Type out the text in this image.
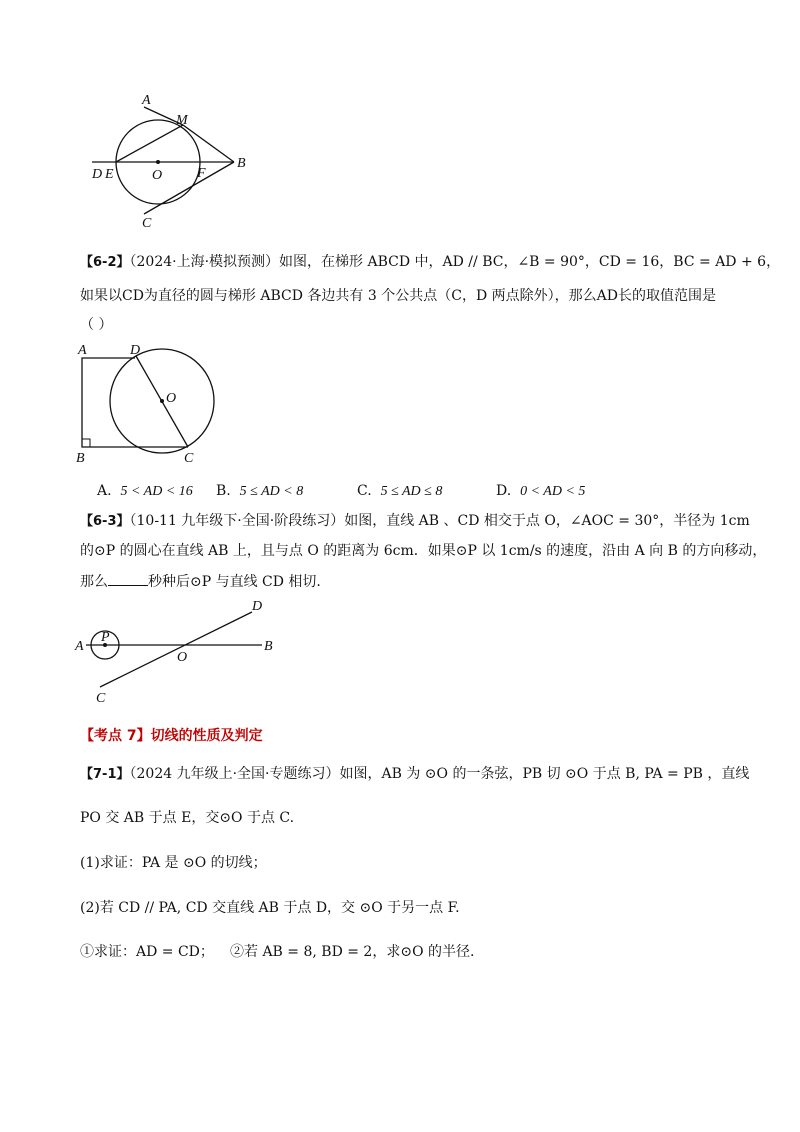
A
M
D E	O F
B
C
【6-2】（2024·上海·模拟预测）如图，在梯形 ABCD 中，AD // BC，∠B = 90°，CD = 16，BC = AD + 6，
如果以CD为直径的圆与梯形 ABCD 各边共有 3 个公共点（C，D 两点除外），那么AD长的取值范围是
（ ）
A	D
O
B	C
A. 5 < AD < 16 B. 5 ≤ AD < 8	C. 5 ≤ AD ≤ 8	D. 0 < AD < 5
【6-3】（10-11 九年级下·全国·阶段练习）如图，直线 AB 、CD 相交于点 O，∠AOC = 30°，半径为 1cm
的⊙P 的圆心在直线 AB 上，且与点 O 的距离为 6cm．如果⊙P 以 1cm/s 的速度，沿由 A 向 B 的方向移动，
那么	秒种后⊙P 与直线 CD 相切.
A
P
O
B
C
D
【考点 7】切线的性质及判定
【7-1】（2024 九年级上·全国·专题练习）如图，AB 为 ⊙O 的一条弦，PB 切 ⊙O 于点 B, PA = PB ，直线
PO 交 AB 于点 E，交⊙O 于点 C.
(1)求证：PA 是 ⊙O 的切线；
(2)若 CD // PA, CD 交直线 AB 于点 D，交 ⊙O 于另一点 F.
①求证：AD = CD； ②若 AB = 8, BD = 2，求⊙O 的半径.
